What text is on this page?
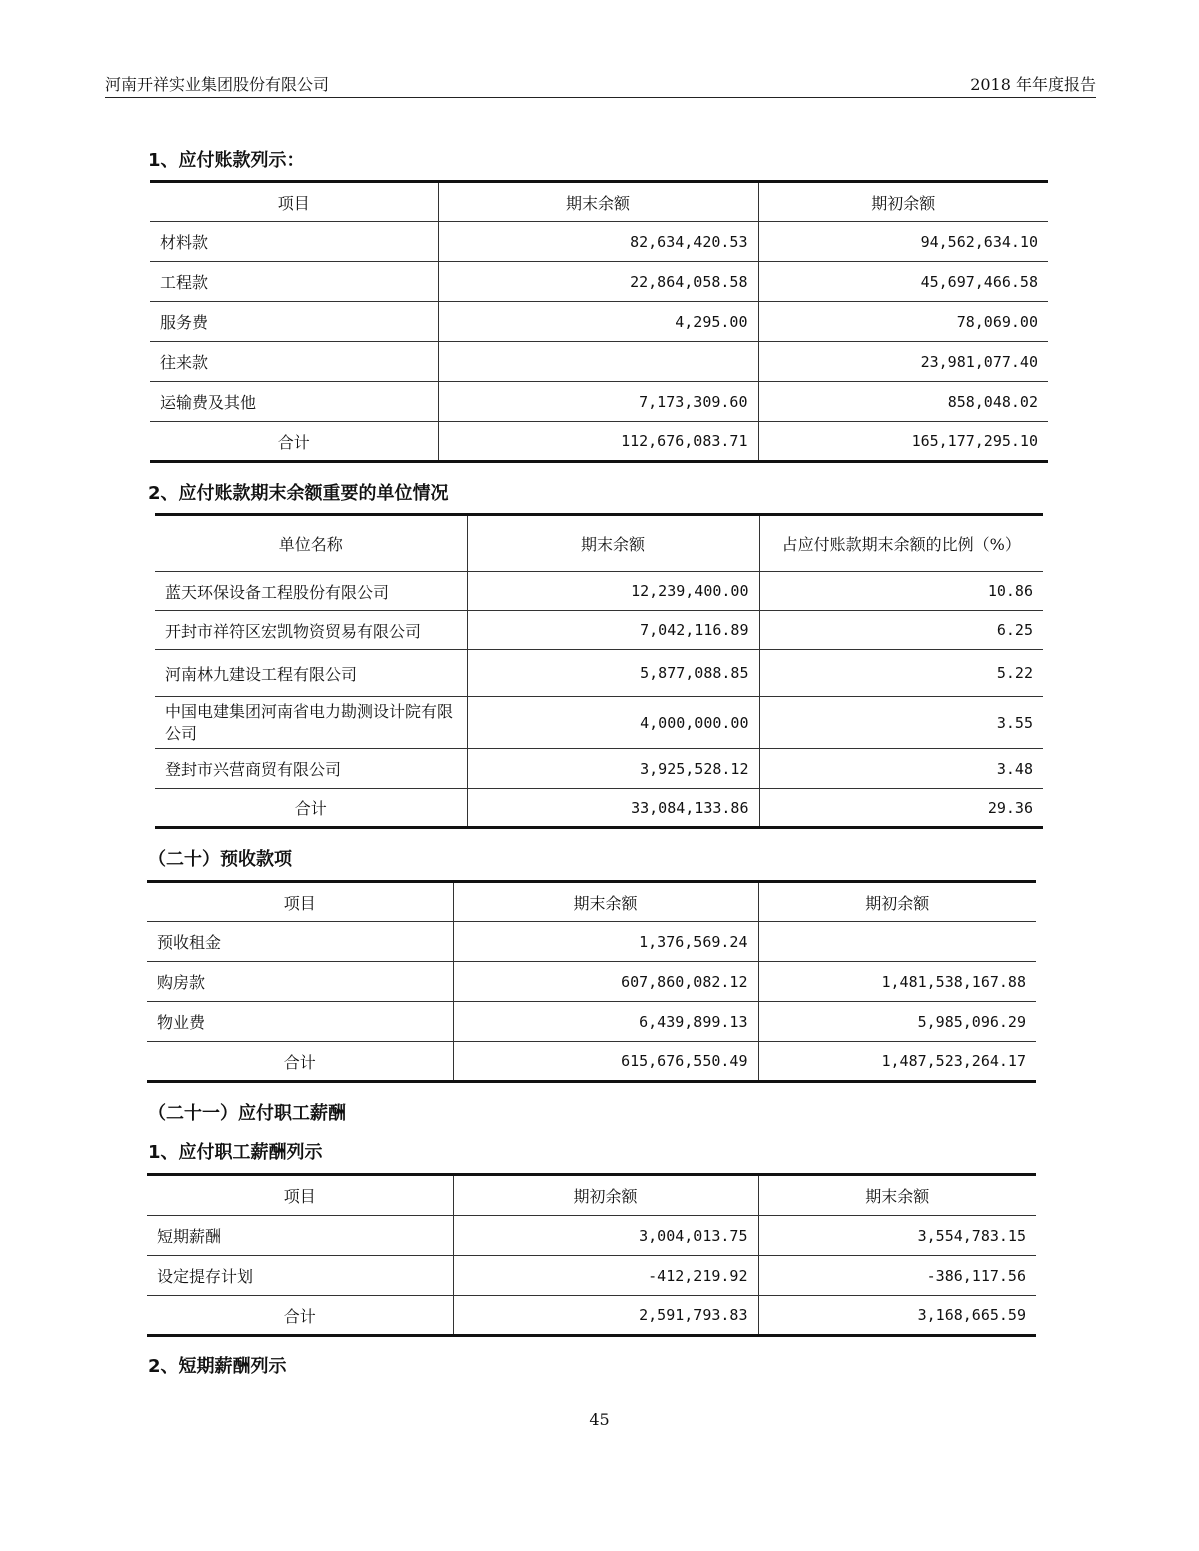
河南开祥实业集团股份有限公司	2018 年年度报告
1、应付账款列示：
项目	期末余额	期初余额
材料款	82,634,420.53	94,562,634.10
工程款	22,864,058.58	45,697,466.58
服务费	4,295.00	78,069.00
往来款		23,981,077.40
运输费及其他	7,173,309.60	858,048.02
合计	112,676,083.71	165,177,295.10
2、应付账款期末余额重要的单位情况
单位名称	期末余额	占应付账款期末余额的比例（%）
蓝天环保设备工程股份有限公司	12,239,400.00	10.86
开封市祥符区宏凯物资贸易有限公司	7,042,116.89	6.25
河南林九建设工程有限公司	5,877,088.85	5.22
中国电建集团河南省电力勘测设计院有限公司	4,000,000.00	3.55
登封市兴营商贸有限公司	3,925,528.12	3.48
合计	33,084,133.86	29.36
（二十）预收款项
项目	期末余额	期初余额
预收租金	1,376,569.24	
购房款	607,860,082.12	1,481,538,167.88
物业费	6,439,899.13	5,985,096.29
合计	615,676,550.49	1,487,523,264.17
（二十一）应付职工薪酬
1、应付职工薪酬列示
项目	期初余额	期末余额
短期薪酬	3,004,013.75	3,554,783.15
设定提存计划	-412,219.92	-386,117.56
合计	2,591,793.83	3,168,665.59
2、短期薪酬列示
45
